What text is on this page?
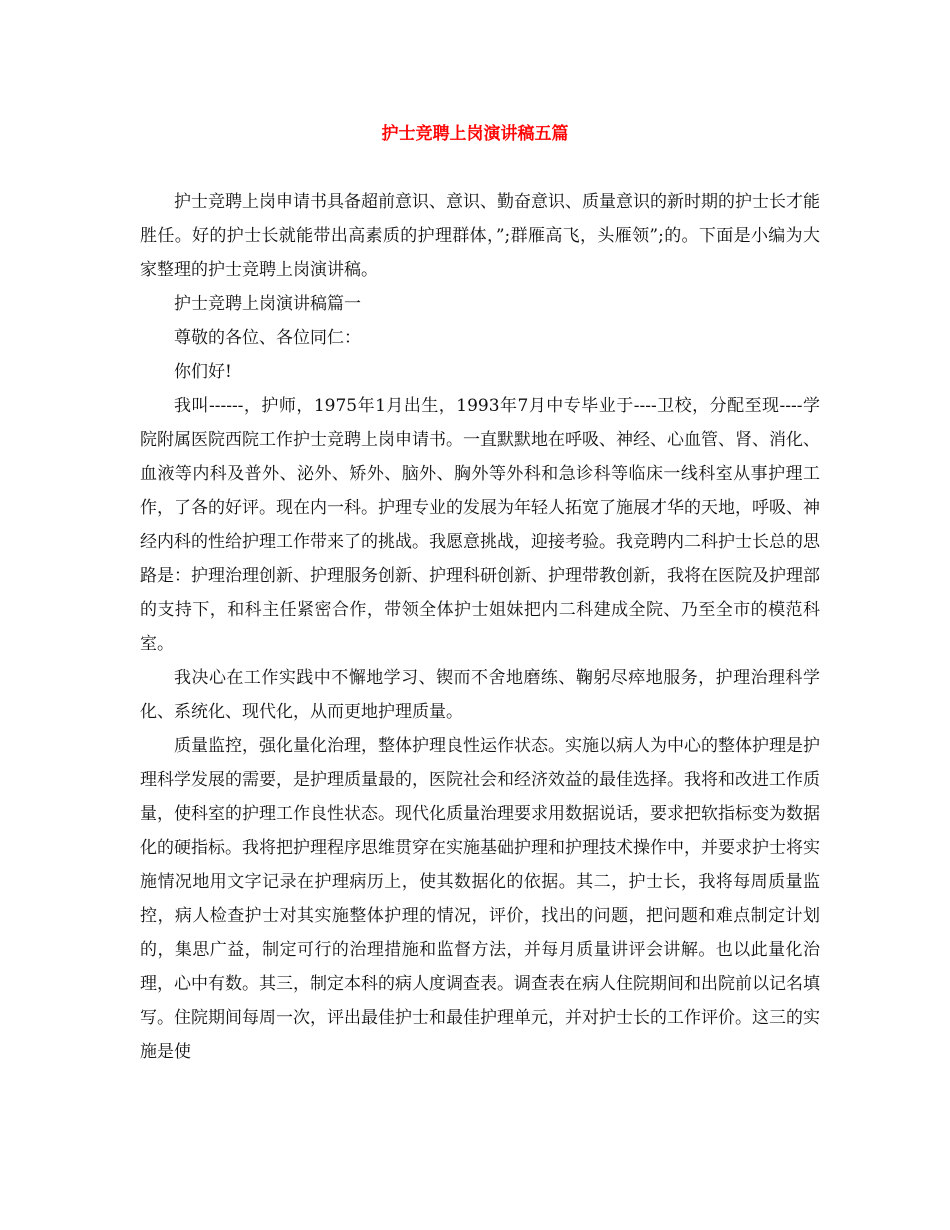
护士竞聘上岗演讲稿五篇

护士竞聘上岗申请书具备超前意识、意识、勤奋意识、质量意识的新时期的护士长才能胜任。好的护士长就能带出高素质的护理群体，”;群雁高飞，头雁领”;的。下面是小编为大家整理的护士竞聘上岗演讲稿。

护士竞聘上岗演讲稿篇一

尊敬的各位、各位同仁：

你们好!

我叫------，护师，1975年1月出生，1993年7月中专毕业于----卫校，分配至现----学院附属医院西院工作护士竞聘上岗申请书。一直默默地在呼吸、神经、心血管、肾、消化、血液等内科及普外、泌外、矫外、脑外、胸外等外科和急诊科等临床一线科室从事护理工作，了各的好评。现在内一科。护理专业的发展为年轻人拓宽了施展才华的天地，呼吸、神经内科的性给护理工作带来了的挑战。我愿意挑战，迎接考验。我竞聘内二科护士长总的思路是：护理治理创新、护理服务创新、护理科研创新、护理带教创新，我将在医院及护理部的支持下，和科主任紧密合作，带领全体护士姐妹把内二科建成全院、乃至全市的模范科室。

我决心在工作实践中不懈地学习、锲而不舍地磨练、鞠躬尽瘁地服务，护理治理科学化、系统化、现代化，从而更地护理质量。

质量监控，强化量化治理，整体护理良性运作状态。实施以病人为中心的整体护理是护理科学发展的需要，是护理质量最的，医院社会和经济效益的最佳选择。我将和改进工作质量，使科室的护理工作良性状态。现代化质量治理要求用数据说话，要求把软指标变为数据化的硬指标。我将把护理程序思维贯穿在实施基础护理和护理技术操作中，并要求护士将实施情况地用文字记录在护理病历上，使其数据化的依据。其二，护士长，我将每周质量监控，病人检查护士对其实施整体护理的情况，评价，找出的问题，把问题和难点制定计划的，集思广益，制定可行的治理措施和监督方法，并每月质量讲评会讲解。也以此量化治理，心中有数。其三，制定本科的病人度调查表。调查表在病人住院期间和出院前以记名填写。住院期间每周一次，评出最佳护士和最佳护理单元，并对护士长的工作评价。这三的实施是使
